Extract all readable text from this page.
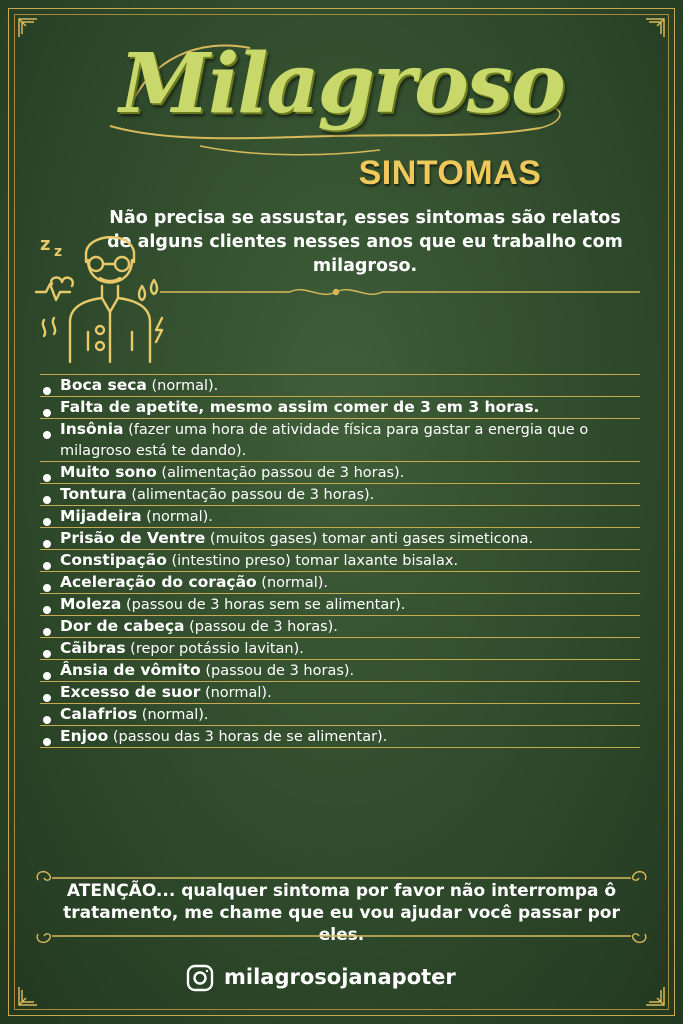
Milagroso
SINTOMAS
Não precisa se assustar, esses sintomas são relatos de alguns clientes nesses anos que eu trabalho com milagroso.
z z
Boca seca (normal).
Falta de apetite, mesmo assim comer de 3 em 3 horas.
Insônia (fazer uma hora de atividade física para gastar a energia que o milagroso está te dando).
Muito sono (alimentação passou de 3 horas).
Tontura (alimentação passou de 3 horas).
Mijadeira (normal).
Prisão de Ventre (muitos gases) tomar anti gases simeticona.
Constipação (intestino preso) tomar laxante bisalax.
Aceleração do coração (normal).
Moleza (passou de 3 horas sem se alimentar).
Dor de cabeça (passou de 3 horas).
Cãibras (repor potássio lavitan).
Ânsia de vômito (passou de 3 horas).
Excesso de suor (normal).
Calafrios (normal).
Enjoo (passou das 3 horas de se alimentar).
ATENÇÃO... qualquer sintoma por favor não interrompa ô tratamento, me chame que eu vou ajudar você passar por eles.
milagrosojanapoter
